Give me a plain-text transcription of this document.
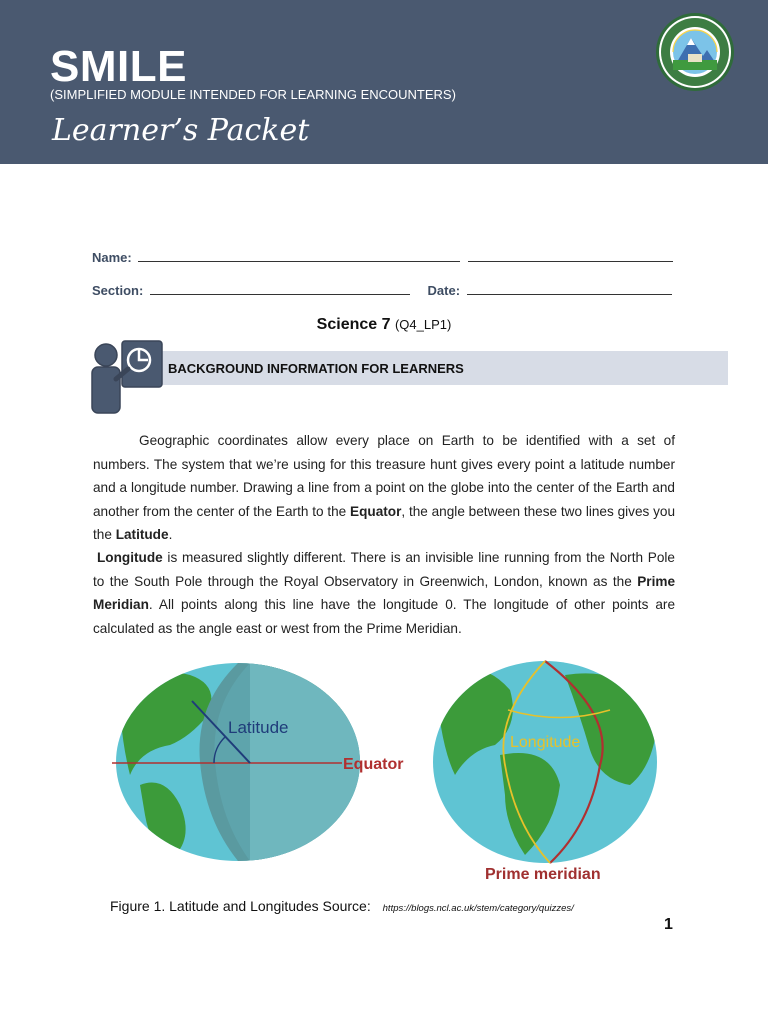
SMILE
(SIMPLIFIED MODULE INTENDED FOR LEARNING ENCOUNTERS)
Learner’s Packet
Name:
Section:	Date:
Science 7 (Q4_LP1)
BACKGROUND INFORMATION FOR LEARNERS
Geographic coordinates allow every place on Earth to be identified with a set of numbers. The system that we’re using for this treasure hunt gives every point a latitude number and a longitude number. Drawing a line from a point on the globe into the center of the Earth and another from the center of the Earth to the Equator, the angle between these two lines gives you the Latitude.
Longitude is measured slightly different. There is an invisible line running from the North Pole to the South Pole through the Royal Observatory in Greenwich, London, known as the Prime Meridian. All points along this line have the longitude 0. The longitude of other points are calculated as the angle east or west from the Prime Meridian.
Latitude
Equator
Longitude
Prime meridian
Figure 1. Latitude and Longitudes Source: https://blogs.ncl.ac.uk/stem/category/quizzes/
1
